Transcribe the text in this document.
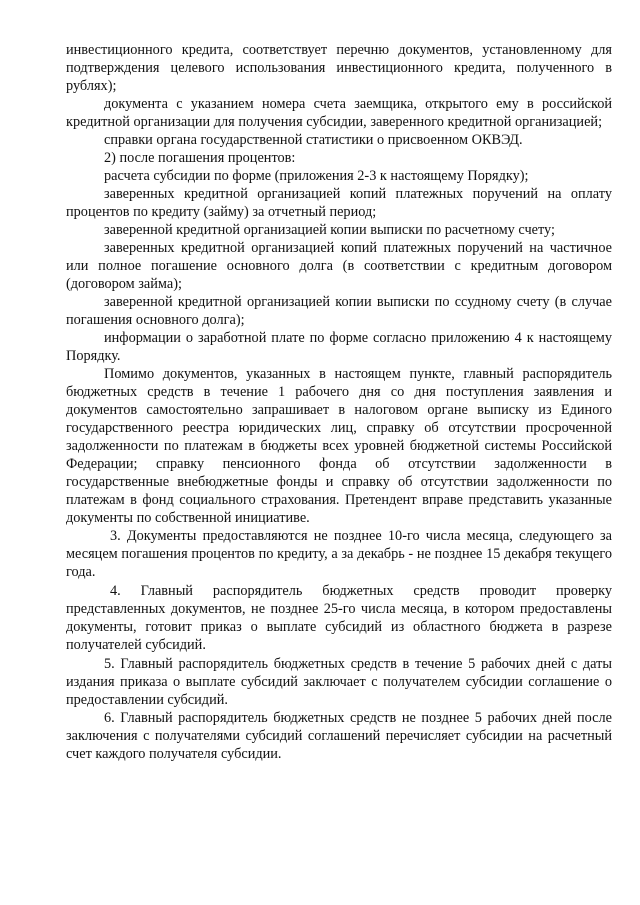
инвестиционного кредита, соответствует перечню документов, установленному для подтверждения целевого использования инвестиционного кредита, полученного в рублях);

документа с указанием номера счета заемщика, открытого ему в российской кредитной организации для получения субсидии, заверенного кредитной организацией;

справки органа государственной статистики о присвоенном ОКВЭД.

2) после погашения процентов:

расчета субсидии по форме (приложения 2-3 к настоящему Порядку);

заверенных кредитной организацией копий платежных поручений на оплату процентов по кредиту (займу) за отчетный период;

заверенной кредитной организацией копии выписки по расчетному счету;

заверенных кредитной организацией копий платежных поручений на частичное или полное погашение основного долга (в соответствии с кредитным договором (договором займа);

заверенной кредитной организацией копии выписки по ссудному счету (в случае погашения основного долга);

информации о заработной плате по форме согласно приложению 4 к настоящему Порядку.

Помимо документов, указанных в настоящем пункте, главный распорядитель бюджетных средств в течение 1 рабочего дня со дня поступления заявления и документов самостоятельно запрашивает в налоговом органе выписку из Единого государственного реестра юридических лиц, справку об отсутствии просроченной задолженности по платежам в бюджеты всех уровней бюджетной системы Российской Федерации; справку пенсионного фонда об отсутствии задолженности в государственные внебюджетные фонды и справку об отсутствии задолженности по платежам в фонд социального страхования. Претендент вправе представить указанные документы по собственной инициативе.

3. Документы предоставляются не позднее 10-го числа месяца, следующего за месяцем погашения процентов по кредиту, а за декабрь - не позднее 15 декабря текущего года.

4. Главный распорядитель бюджетных средств проводит проверку представленных документов, не позднее 25-го числа месяца, в котором предоставлены документы, готовит приказ о выплате субсидий из областного бюджета в разрезе получателей субсидий.

5. Главный распорядитель бюджетных средств в течение 5 рабочих дней с даты издания приказа о выплате субсидий заключает с получателем субсидии соглашение о предоставлении субсидий.

6. Главный распорядитель бюджетных средств не позднее 5 рабочих дней после заключения с получателями субсидий соглашений перечисляет субсидии на расчетный счет каждого получателя субсидии.
